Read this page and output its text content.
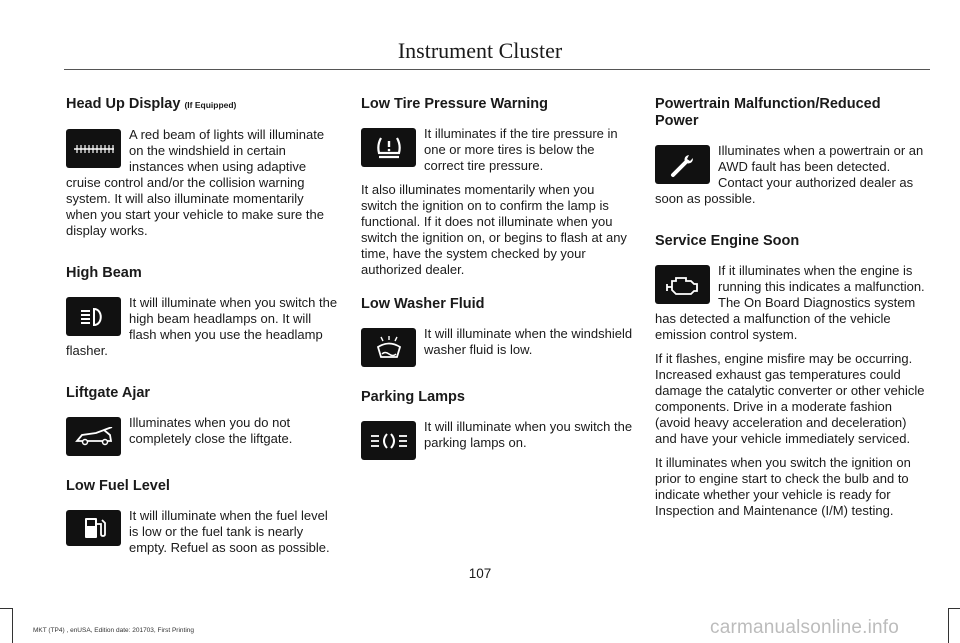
Instrument Cluster
Head Up Display (If Equipped)

A red beam of lights will illuminate on the windshield in certain instances when using adaptive cruise control and/or the collision warning system. It will also illuminate momentarily when you start your vehicle to make sure the display works.

High Beam

It will illuminate when you switch the high beam headlamps on. It will flash when you use the headlamp flasher.

Liftgate Ajar

Illuminates when you do not completely close the liftgate.

Low Fuel Level

It will illuminate when the fuel level is low or the fuel tank is nearly empty. Refuel as soon as possible.

Low Tire Pressure Warning

It illuminates if the tire pressure in one or more tires is below the correct tire pressure.

It also illuminates momentarily when you switch the ignition on to confirm the lamp is functional. If it does not illuminate when you switch the ignition on, or begins to flash at any time, have the system checked by your authorized dealer.

Low Washer Fluid

It will illuminate when the windshield washer fluid is low.

Parking Lamps

It will illuminate when you switch the parking lamps on.

Powertrain Malfunction/Reduced Power

Illuminates when a powertrain or an AWD fault has been detected. Contact your authorized dealer as soon as possible.

Service Engine Soon

If it illuminates when the engine is running this indicates a malfunction. The On Board Diagnostics system has detected a malfunction of the vehicle emission control system.

If it flashes, engine misfire may be occurring. Increased exhaust gas temperatures could damage the catalytic converter or other vehicle components. Drive in a moderate fashion (avoid heavy acceleration and deceleration) and have your vehicle immediately serviced.

It illuminates when you switch the ignition on prior to engine start to check the bulb and to indicate whether your vehicle is ready for Inspection and Maintenance (I/M) testing.

107
MKT (TP4) , enUSA, Edition date: 201703, First Printing	carmanualsonline.info
